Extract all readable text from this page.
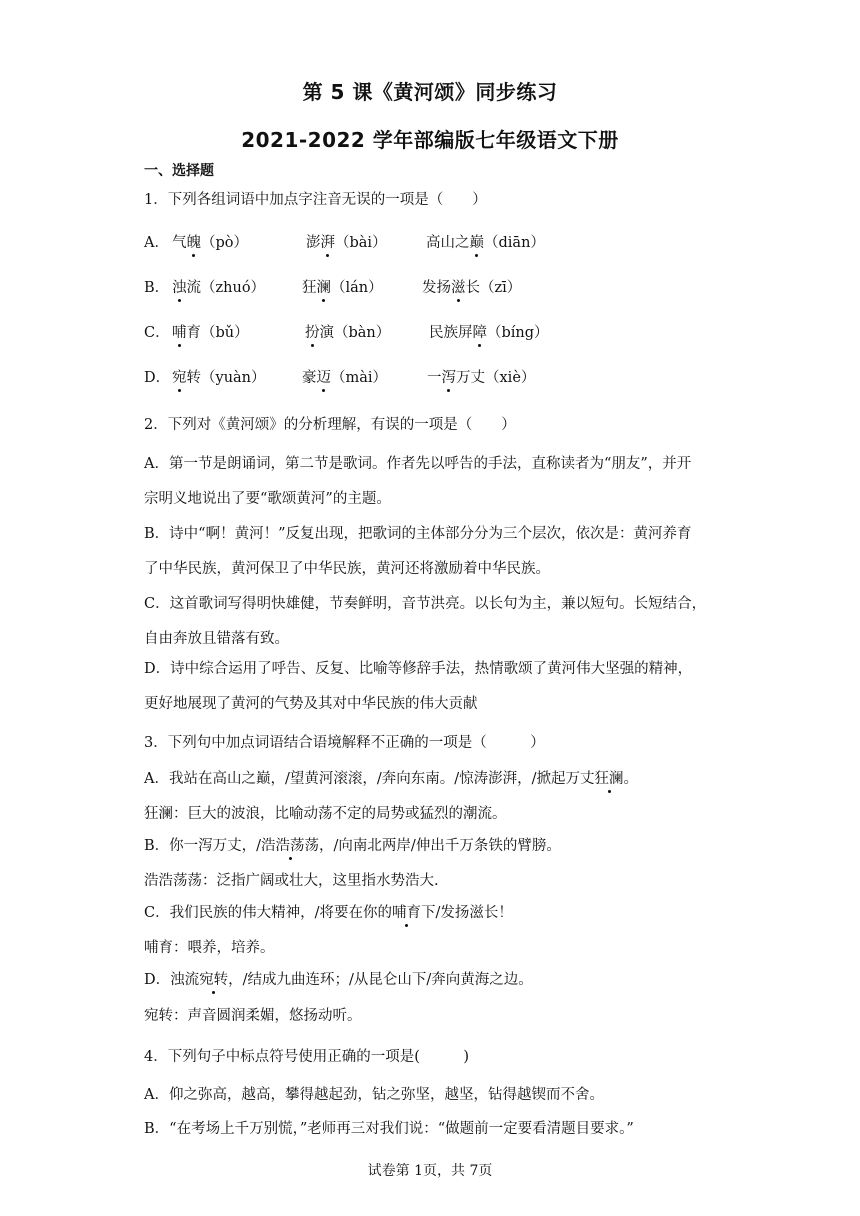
第 5 课《黄河颂》同步练习
2021-2022 学年部编版七年级语文下册
一、选择题
1．下列各组词语中加点字注音无误的一项是（　　）
A． 气魄（pò）	澎湃（bài）	高山之巅（diān）
B． 浊流（zhuó）	狂澜（lán）	发扬滋长（zī）
C． 哺育（bǔ）	扮演（bàn）	民族屏障（bíng）
D． 宛转（yuàn）	豪迈（mài）	一泻万丈（xiè）
2．下列对《黄河颂》的分析理解，有误的一项是（　　）
A．第一节是朗诵词，第二节是歌词。作者先以呼告的手法，直称读者为“朋友”，并开
宗明义地说出了要“歌颂黄河”的主题。
B．诗中“啊！黄河！”反复出现，把歌词的主体部分分为三个层次，依次是：黄河养育
了中华民族，黄河保卫了中华民族，黄河还将激励着中华民族。
C．这首歌词写得明快雄健，节奏鲜明，音节洪亮。以长句为主，兼以短句。长短结合，
自由奔放且错落有致。
D．诗中综合运用了呼告、反复、比喻等修辞手法，热情歌颂了黄河伟大坚强的精神，
更好地展现了黄河的气势及其对中华民族的伟大贡献
3．下列句中加点词语结合语境解释不正确的一项是（　　　）
A．我站在高山之巅，/望黄河滚滚，/奔向东南。/惊涛澎湃，/掀起万丈狂澜。
狂澜：巨大的波浪，比喻动荡不定的局势或猛烈的潮流。
B．你一泻万丈，/浩浩荡荡，/向南北两岸/伸出千万条铁的臂膀。
浩浩荡荡：泛指广阔或壮大，这里指水势浩大.
C．我们民族的伟大精神，/将要在你的哺育下/发扬滋长！
哺育：喂养，培养。
D．浊流宛转，/结成九曲连环；/从昆仑山下/奔向黄海之边。
宛转：声音圆润柔媚，悠扬动听。
4．下列句子中标点符号使用正确的一项是(　　　)
A．仰之弥高，越高，攀得越起劲，钻之弥坚，越坚，钻得越锲而不舍。
B．“在考场上千万别慌，”老师再三对我们说：“做题前一定要看清题目要求。”
试卷第 1页，共 7页
